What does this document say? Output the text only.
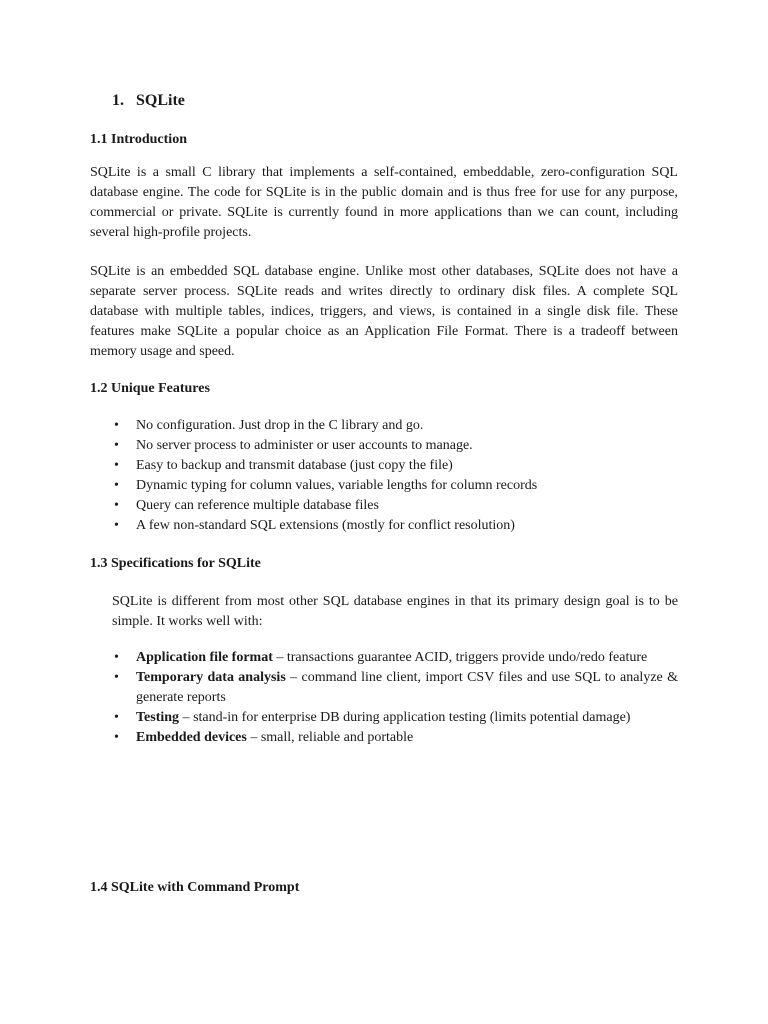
1. SQLite
1.1 Introduction

SQLite is a small C library that implements a self-contained, embeddable, zero-configuration SQL database engine. The code for SQLite is in the public domain and is thus free for use for any purpose, commercial or private. SQLite is currently found in more applications than we can count, including several high-profile projects.

SQLite is an embedded SQL database engine. Unlike most other databases, SQLite does not have a separate server process. SQLite reads and writes directly to ordinary disk files. A complete SQL database with multiple tables, indices, triggers, and views, is contained in a single disk file. These features make SQLite a popular choice as an Application File Format. There is a tradeoff between memory usage and speed.

1.2 Unique Features
•	No configuration. Just drop in the C library and go.
•	No server process to administer or user accounts to manage.
•	Easy to backup and transmit database (just copy the file)
•	Dynamic typing for column values, variable lengths for column records
•	Query can reference multiple database files
•	A few non-standard SQL extensions (mostly for conflict resolution)
1.3 Specifications for SQLite

SQLite is different from most other SQL database engines in that its primary design goal is to be simple. It works well with:

•	Application file format – transactions guarantee ACID, triggers provide undo/redo feature
•	Temporary data analysis – command line client, import CSV files and use SQL to analyze & generate reports
•	Testing – stand-in for enterprise DB during application testing (limits potential damage)
•	Embedded devices – small, reliable and portable
1.4 SQLite with Command Prompt
